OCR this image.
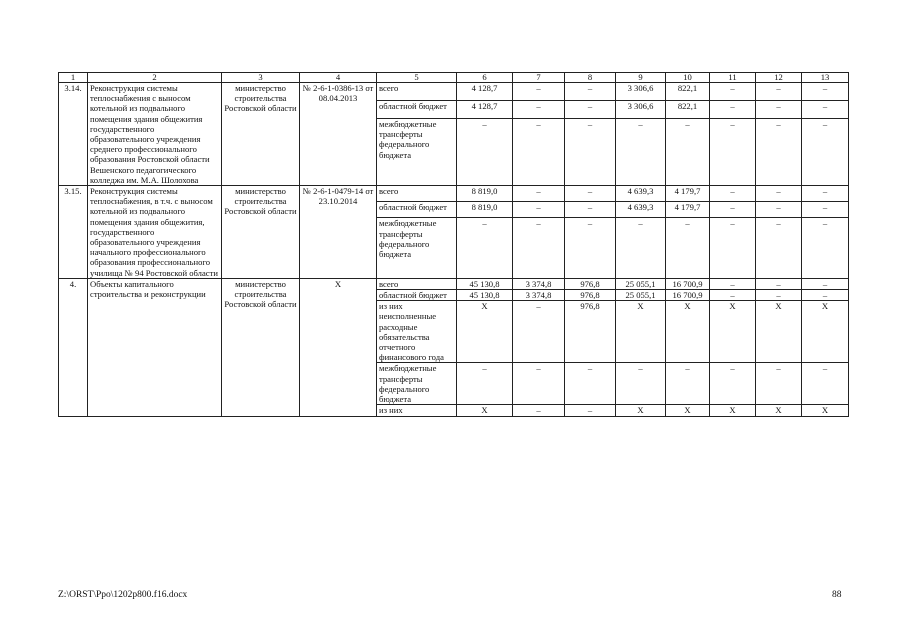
1	2	3	4	5	6	7	8	9	10	11	12	13
3.14.	Реконструкция системы теплоснабжения с выносом котельной из подвального помещения здания общежития государственного образовательного учреждения среднего профессионального образования Ростовской области Вешенского педагогического колледжа им. М.А. Шолохова	министерство строительства Ростовской области	№ 2-6-1-0386-13 от 08.04.2013	всего	4 128,7	–	–	3 306,6	822,1	–	–	–
				областной бюджет	4 128,7	–	–	3 306,6	822,1	–	–	–
				межбюджетные трансферты федерального бюджета	–	–	–	–	–	–	–	–
3.15.	Реконструкция системы теплоснабжения, в т.ч. с выносом котельной из подвального помещения здания общежития, государственного образовательного учреждения начального профессионального образования профессионального училища № 94 Ростовской области	министерство строительства Ростовской области	№ 2-6-1-0479-14 от 23.10.2014	всего	8 819,0	–	–	4 639,3	4 179,7	–	–	–
				областной бюджет	8 819,0	–	–	4 639,3	4 179,7	–	–	–
				межбюджетные трансферты федерального бюджета	–	–	–	–	–	–	–	–
4.	Объекты капитального строительства и реконструкции	министерство строительства Ростовской области	Х	всего	45 130,8	3 374,8	976,8	25 055,1	16 700,9	–	–	–
				областной бюджет	45 130,8	3 374,8	976,8	25 055,1	16 700,9	–	–	–
				из них неисполненные расходные обязательства отчетного финансового года	Х	–	976,8	Х	Х	Х	Х	Х
				межбюджетные трансферты федерального бюджета	–	–	–	–	–	–	–	–
				из них	Х	–	–	Х	Х	Х	Х	Х
Z:\ORST\Ppo\1202p800.f16.docx	88
